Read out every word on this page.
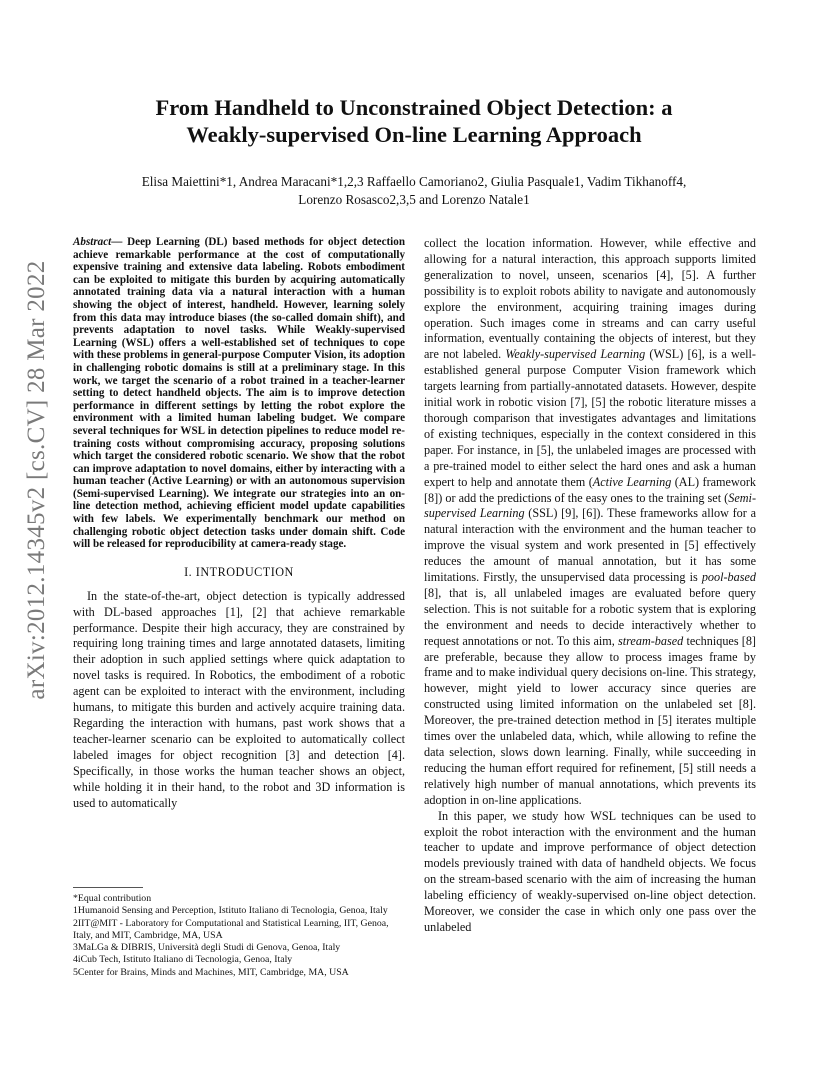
arXiv:2012.14345v2 [cs.CV] 28 Mar 2022
From Handheld to Unconstrained Object Detection: a
Weakly-supervised On-line Learning Approach
Elisa Maiettini*1, Andrea Maracani*1,2,3 Raffaello Camoriano2, Giulia Pasquale1, Vadim Tikhanoff4,
Lorenzo Rosasco2,3,5 and Lorenzo Natale1

Abstract— Deep Learning (DL) based methods for object detection achieve remarkable performance at the cost of computationally expensive training and extensive data labeling. Robots embodiment can be exploited to mitigate this burden by acquiring automatically annotated training data via a natural interaction with a human showing the object of interest, handheld. However, learning solely from this data may introduce biases (the so-called domain shift), and prevents adaptation to novel tasks. While Weakly-supervised Learning (WSL) offers a well-established set of techniques to cope with these problems in general-purpose Computer Vision, its adoption in challenging robotic domains is still at a preliminary stage. In this work, we target the scenario of a robot trained in a teacher-learner setting to detect handheld objects. The aim is to improve detection performance in different settings by letting the robot explore the environment with a limited human labeling budget. We compare several techniques for WSL in detection pipelines to reduce model re-training costs without compromising accuracy, proposing solutions which target the considered robotic scenario. We show that the robot can improve adaptation to novel domains, either by interacting with a human teacher (Active Learning) or with an autonomous supervision (Semi-supervised Learning). We integrate our strategies into an on-line detection method, achieving efficient model update capabilities with few labels. We experimentally benchmark our method on challenging robotic object detection tasks under domain shift. Code will be released for reproducibility at camera-ready stage.

I. INTRODUCTION

In the state-of-the-art, object detection is typically addressed with DL-based approaches [1], [2] that achieve remarkable performance. Despite their high accuracy, they are constrained by requiring long training times and large annotated datasets, limiting their adoption in such applied settings where quick adaptation to novel tasks is required. In Robotics, the embodiment of a robotic agent can be exploited to interact with the environment, including humans, to mitigate this burden and actively acquire training data. Regarding the interaction with humans, past work shows that a teacher-learner scenario can be exploited to automatically collect labeled images for object recognition [3] and detection [4]. Specifically, in those works the human teacher shows an object, while holding it in their hand, to the robot and 3D information is used to automatically

*Equal contribution
1Humanoid Sensing and Perception, Istituto Italiano di Tecnologia, Genoa, Italy
2IIT@MIT - Laboratory for Computational and Statistical Learning, IIT, Genoa, Italy, and MIT, Cambridge, MA, USA
3MaLGa & DIBRIS, Università degli Studi di Genova, Genoa, Italy
4iCub Tech, Istituto Italiano di Tecnologia, Genoa, Italy
5Center for Brains, Minds and Machines, MIT, Cambridge, MA, USA

collect the location information. However, while effective and allowing for a natural interaction, this approach supports limited generalization to novel, unseen, scenarios [4], [5]. A further possibility is to exploit robots ability to navigate and autonomously explore the environment, acquiring training images during operation. Such images come in streams and can carry useful information, eventually containing the objects of interest, but they are not labeled. Weakly-supervised Learning (WSL) [6], is a well-established general purpose Computer Vision framework which targets learning from partially-annotated datasets. However, despite initial work in robotic vision [7], [5] the robotic literature misses a thorough comparison that investigates advantages and limitations of existing techniques, especially in the context considered in this paper. For instance, in [5], the unlabeled images are processed with a pre-trained model to either select the hard ones and ask a human expert to help and annotate them (Active Learning (AL) framework [8]) or add the predictions of the easy ones to the training set (Semi-supervised Learning (SSL) [9], [6]). These frameworks allow for a natural interaction with the environment and the human teacher to improve the visual system and work presented in [5] effectively reduces the amount of manual annotation, but it has some limitations. Firstly, the unsupervised data processing is pool-based [8], that is, all unlabeled images are evaluated before query selection. This is not suitable for a robotic system that is exploring the environment and needs to decide interactively whether to request annotations or not. To this aim, stream-based techniques [8] are preferable, because they allow to process images frame by frame and to make individual query decisions on-line. This strategy, however, might yield to lower accuracy since queries are constructed using limited information on the unlabeled set [8]. Moreover, the pre-trained detection method in [5] iterates multiple times over the unlabeled data, which, while allowing to refine the data selection, slows down learning. Finally, while succeeding in reducing the human effort required for refinement, [5] still needs a relatively high number of manual annotations, which prevents its adoption in on-line applications.

In this paper, we study how WSL techniques can be used to exploit the robot interaction with the environment and the human teacher to update and improve performance of object detection models previously trained with data of handheld objects. We focus on the stream-based scenario with the aim of increasing the human labeling efficiency of weakly-supervised on-line object detection. Moreover, we consider the case in which only one pass over the unlabeled
